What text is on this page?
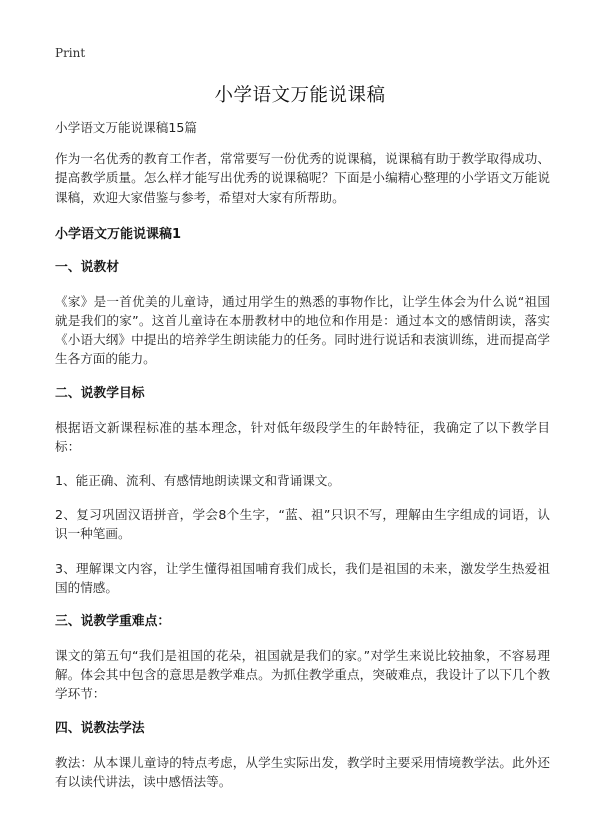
Print
小学语文万能说课稿

小学语文万能说课稿15篇

作为一名优秀的教育工作者，常常要写一份优秀的说课稿，说课稿有助于教学取得成功、提高教学质量。怎么样才能写出优秀的说课稿呢？下面是小编精心整理的小学语文万能说课稿，欢迎大家借鉴与参考，希望对大家有所帮助。

小学语文万能说课稿1
一、说教材

《家》是一首优美的儿童诗，通过用学生的熟悉的事物作比，让学生体会为什么说“祖国就是我们的家”。这首儿童诗在本册教材中的地位和作用是：通过本文的感情朗读，落实《小语大纲》中提出的培养学生朗读能力的任务。同时进行说话和表演训练，进而提高学生各方面的能力。

二、说教学目标

根据语文新课程标准的基本理念，针对低年级段学生的年龄特征，我确定了以下教学目标：

1、能正确、流利、有感情地朗读课文和背诵课文。

2、复习巩固汉语拼音，学会8个生字，“蓝、祖”只识不写，理解由生字组成的词语，认识一种笔画。

3、理解课文内容，让学生懂得祖国哺育我们成长，我们是祖国的未来，激发学生热爱祖国的情感。

三、说教学重难点：

课文的第五句“我们是祖国的花朵，祖国就是我们的家。”对学生来说比较抽象，不容易理解。体会其中包含的意思是教学难点。为抓住教学重点，突破难点，我设计了以下几个教学环节：

四、说教法学法

教法：从本课儿童诗的特点考虑，从学生实际出发，教学时主要采用情境教学法。此外还有以读代讲法，读中感悟法等。
